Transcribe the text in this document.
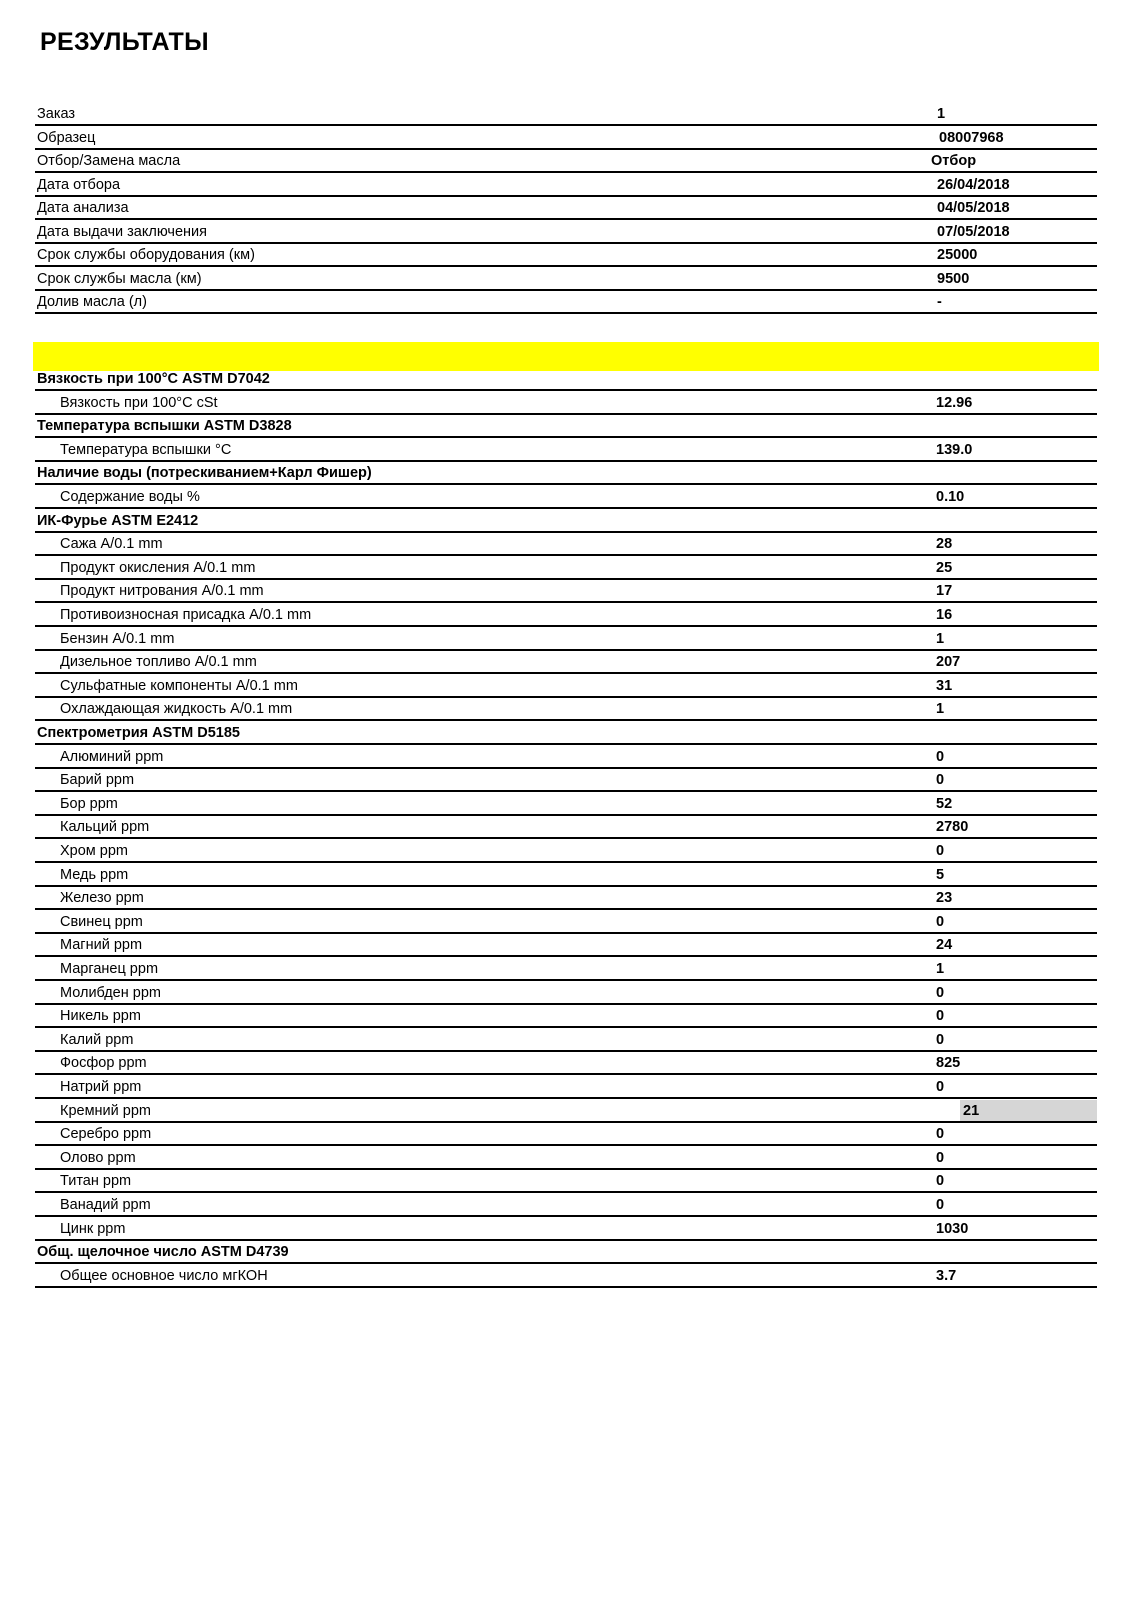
РЕЗУЛЬТАТЫ
Заказ	1
Образец	08007968
Отбор/Замена масла	Отбор
Дата отбора	26/04/2018
Дата анализа	04/05/2018
Дата выдачи заключения	07/05/2018
Срок службы оборудования (км)	25000
Срок службы масла (км)	9500
Долив масла (л)	-
Вязкость при 100°С ASTM D7042
Вязкость при 100°С cSt	12.96
Температура вспышки ASTM D3828
Температура вспышки °С	139.0
Наличие воды (потрескиванием+Карл Фишер)
Содержание воды %	0.10
ИК-Фурье ASTM E2412
Сажа A/0.1 mm	28
Продукт окисления A/0.1 mm	25
Продукт нитрования A/0.1 mm	17
Противоизносная присадка A/0.1 mm	16
Бензин A/0.1 mm	1
Дизельное топливо A/0.1 mm	207
Сульфатные компоненты A/0.1 mm	31
Охлаждающая жидкость A/0.1 mm	1
Спектрометрия ASTM D5185
Алюминий ppm	0
Барий ppm	0
Бор ppm	52
Кальций ppm	2780
Хром ppm	0
Медь ppm	5
Железо ppm	23
Свинец ppm	0
Магний ppm	24
Марганец ppm	1
Молибден ppm	0
Никель ppm	0
Калий ppm	0
Фосфор ppm	825
Натрий ppm	0
Кремний ppm	21
Серебро ppm	0
Олово ppm	0
Титан ppm	0
Ванадий ppm	0
Цинк ppm	1030
Общ. щелочное число ASTM D4739
Общее основное число мгКОН	3.7
